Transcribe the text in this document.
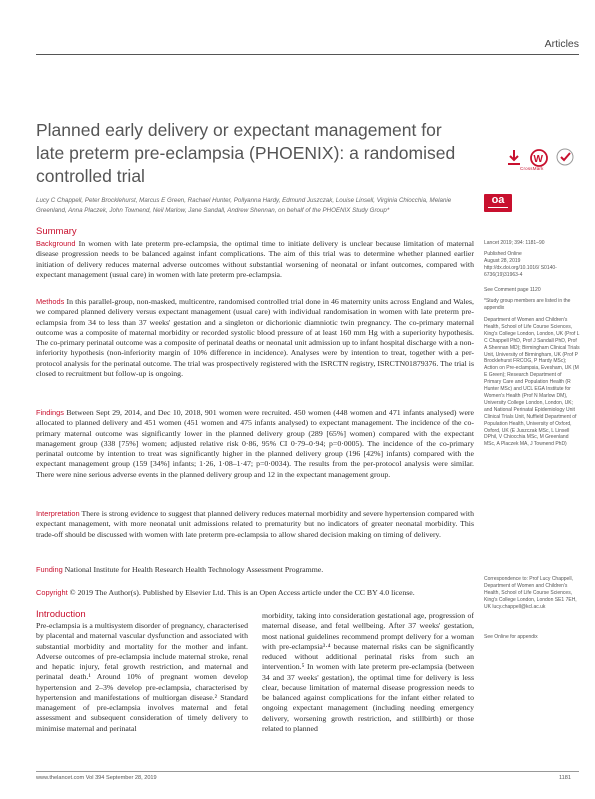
Articles
Planned early delivery or expectant management for late preterm pre-eclampsia (PHOENIX): a randomised controlled trial
W
CrossMark
Lucy C Chappell, Peter Brocklehurst, Marcus E Green, Rachael Hunter, Pollyanna Hardy, Edmund Juszczak, Louise Linsell, Virginia Chiocchia, Melanie Greenland, Anna Placzek, John Townend, Neil Marlow, Jane Sandall, Andrew Shennan, on behalf of the PHOENIX Study Group*
oa
Summary

Background In women with late preterm pre-eclampsia, the optimal time to initiate delivery is unclear because limitation of maternal disease progression needs to be balanced against infant complications. The aim of this trial was to determine whether planned earlier initiation of delivery reduces maternal adverse outcomes without substantial worsening of neonatal or infant outcomes, compared with expectant management (usual care) in women with late preterm pre-eclampsia.

Methods In this parallel-group, non-masked, multicentre, randomised controlled trial done in 46 maternity units across England and Wales, we compared planned delivery versus expectant management (usual care) with individual randomisation in women with late preterm pre-eclampsia from 34 to less than 37 weeks' gestation and a singleton or dichorionic diamniotic twin pregnancy. The co-primary maternal outcome was a composite of maternal morbidity or recorded systolic blood pressure of at least 160 mm Hg with a superiority hypothesis. The co-primary perinatal outcome was a composite of perinatal deaths or neonatal unit admission up to infant hospital discharge with a non-inferiority hypothesis (non-inferiority margin of 10% difference in incidence). Analyses were by intention to treat, together with a per-protocol analysis for the perinatal outcome. The trial was prospectively registered with the ISRCTN registry, ISRCTN01879376. The trial is closed to recruitment but follow-up is ongoing.

Findings Between Sept 29, 2014, and Dec 10, 2018, 901 women were recruited. 450 women (448 women and 471 infants analysed) were allocated to planned delivery and 451 women (451 women and 475 infants analysed) to expectant management. The incidence of the co-primary maternal outcome was significantly lower in the planned delivery group (289 [65%] women) compared with the expectant management group (338 [75%] women; adjusted relative risk 0·86, 95% CI 0·79–0·94; p=0·0005). The incidence of the co-primary perinatal outcome by intention to treat was significantly higher in the planned delivery group (196 [42%] infants) compared with the expectant management group (159 [34%] infants; 1·26, 1·08–1·47; p=0·0034). The results from the per-protocol analysis were similar. There were nine serious adverse events in the planned delivery group and 12 in the expectant management group.

Interpretation There is strong evidence to suggest that planned delivery reduces maternal morbidity and severe hypertension compared with expectant management, with more neonatal unit admissions related to prematurity but no indicators of greater neonatal morbidity. This trade-off should be discussed with women with late preterm pre-eclampsia to allow shared decision making on timing of delivery.

Funding National Institute for Health Research Health Technology Assessment Programme.

Copyright © 2019 The Author(s). Published by Elsevier Ltd. This is an Open Access article under the CC BY 4.0 license.

Introduction

Pre-eclampsia is a multisystem disorder of pregnancy, characterised by placental and maternal vascular dysfunction and associated with substantial morbidity and mortality for the mother and infant. Adverse outcomes of pre-eclampsia include maternal stroke, renal and hepatic injury, fetal growth restriction, and maternal and perinatal death.¹ Around 10% of pregnant women develop hypertension and 2–3% develop pre-eclampsia, characterised by hypertension and manifestations of multiorgan disease.² Standard management of pre-eclampsia involves maternal and fetal assessment and subsequent consideration of timely delivery to minimise maternal and perinatal

morbidity, taking into consideration gestational age, progression of maternal disease, and fetal wellbeing. After 37 weeks' gestation, most national guidelines recommend prompt delivery for a woman with pre-eclampsia³·⁴ because maternal risks can be significantly reduced without additional perinatal risks from such an intervention.⁵ In women with late preterm pre-eclampsia (between 34 and 37 weeks' gestation), the optimal time for delivery is less clear, because limitation of maternal disease progression needs to be balanced against complications for the infant either related to ongoing expectant management (including needing emergency delivery, worsening growth restriction, and stillbirth) or those related to planned

Lancet 2019; 394: 1181–90
Published Online
August 28, 2019
http://dx.doi.org/10.1016/ S0140-6736(19)31963-4
See Comment page 1120
*Study group members are listed in the appendix
Department of Women and Children's Health, School of Life Course Sciences, King's College London, London, UK (Prof L C Chappell PhD, Prof J Sandall PhD, Prof A Shennan MD); Birmingham Clinical Trials Unit, University of Birmingham, UK (Prof P Brocklehurst FRCOG, P Hardy MSc); Action on Pre-eclampsia, Evesham, UK (M E Green); Research Department of Primary Care and Population Health (R Hunter MSc) and UCL EGA Institute for Women's Health (Prof N Marlow DM), University College London, London, UK; and National Perinatal Epidemiology Unit Clinical Trials Unit, Nuffield Department of Population Health, University of Oxford, Oxford, UK (E Juszczak MSc, L Linsell DPhil, V Chiocchia MSc, M Greenland MSc, A Placzek MA, J Townend PhD)
Correspondence to: Prof Lucy Chappell, Department of Women and Children's Health, School of Life Course Sciences, King's College London, London SE1 7EH, UK lucy.chappell@kcl.ac.uk
See Online for appendix
www.thelancet.com Vol 394 September 28, 2019	1181
